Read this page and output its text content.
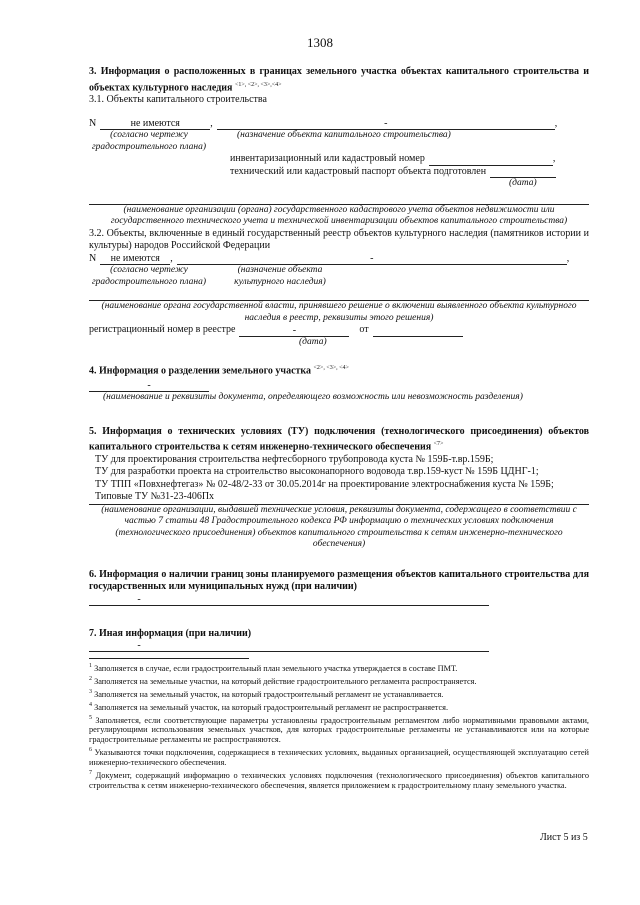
1308
3. Информация о расположенных в границах земельного участка объектах капитального строительства и объектах культурного наследия $^{<1>, <2>, <3>,<4>}$
3.1. Объекты капитального строительства
N	не имеются	,	-	,
(согласно чертежу градостроительного плана)
(назначение объекта капитального строительства)
инвентаризационный или кадастровый номер	,
технический или кадастровый паспорт объекта подготовлен
(дата)
(наименование организации (органа) государственного кадастрового учета объектов недвижимости или государственного технического учета и технической инвентаризации объектов капитального строительства)
3.2. Объекты, включенные в единый государственный реестр объектов культурного наследия (памятников истории и культуры) народов Российской Федерации
N	не имеются	,	-	,
(согласно чертежу градостроительного плана)
(назначение объекта культурного наследия)
(наименование органа государственной власти, принявшего решение о включении выявленного объекта культурного наследия в реестр, реквизиты этого решения)
регистрационный номер в реестре	-	от
(дата)
4. Информация о разделении земельного участка $^{<2>, <3>, <4>}$
-
(наименование и реквизиты документа, определяющего возможность или невозможность разделения)
5. Информация о технических условиях (ТУ) подключения (технологического присоединения) объектов капитального строительства к сетям инженерно-технического обеспечения $^{<7>}$
ТУ для проектирования строительства нефтесборного трубопровода куста № 159Б-т.вр.159Б;
ТУ для разработки проекта на строительство высоконапорного водовода т.вр.159-куст № 159Б ЦДНГ-1;
ТУ ТПП «Повхнефтегаз» № 02-48/2-33 от 30.05.2014г на проектирование электроснабжения куста № 159Б;
Типовые ТУ №31-23-406Пх
(наименование организации, выдавшей технические условия, реквизиты документа, содержащего в соответствии с частью 7 статьи 48 Градостроительного кодекса РФ информацию о технических условиях подключения (технологического присоединения) объектов капитального строительства к сетям инженерно-технического обеспечения)
6. Информация о наличии границ зоны планируемого размещения объектов капитального строительства для государственных или муниципальных нужд (при наличии)
-
7. Иная информация (при наличии)
-
$^1$ Заполняется в случае, если градостроительный план земельного участка утверждается в составе ПМТ.
$^2$ Заполняется на земельные участки, на который действие градостроительного регламента распространяется.
$^3$ Заполняется на земельный участок, на который градостроительный регламент не устанавливается.
$^4$ Заполняется на земельный участок, на который градостроительный регламент не распространяется.
$^5$ Заполняется, если соответствующие параметры установлены градостроительным регламентом либо нормативными правовыми актами, регулирующими использования земельных участков, для которых градостроительные регламенты не устанавливаются или на которые градостроительные регламенты не распространяются.
$^6$ Указываются точки подключения, содержащиеся в технических условиях, выданных организацией, осуществляющей эксплуатацию сетей инженерно-технического обеспечения.
$^7$ Документ, содержащий информацию о технических условиях подключения (технологического присоединения) объектов капитального строительства к сетям инженерно-технического обеспечения, является приложением к градостроительному плану земельного участка.
Лист 5 из 5
